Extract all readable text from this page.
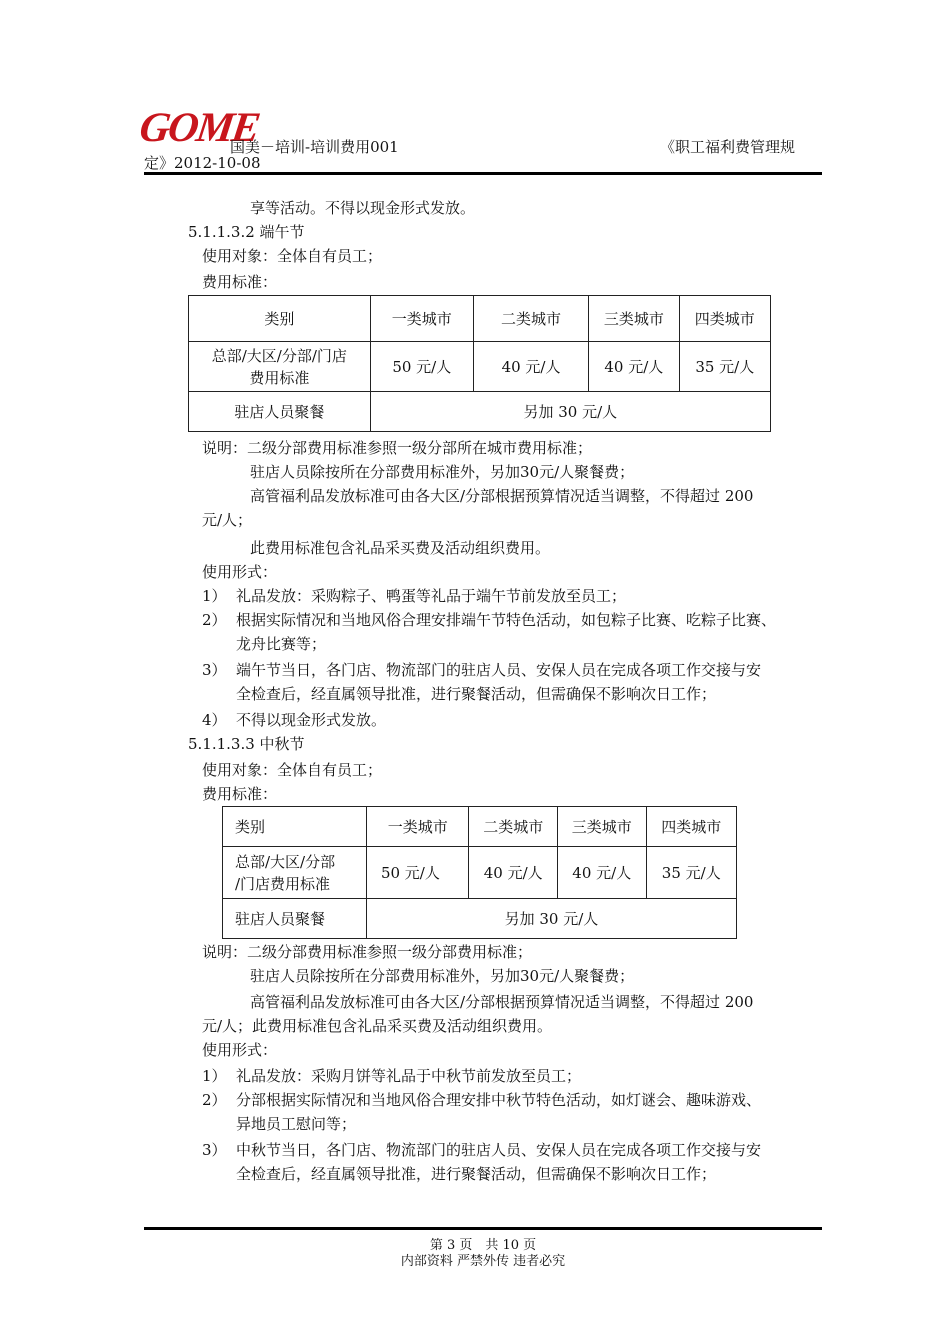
GOME
国美－培训-培训费用001	《职工福利费管理规
定》2012-10-08
享等活动。不得以现金形式发放。
5.1.1.3.2 端午节
使用对象：全体自有员工；
费用标准：
类别	一类城市	二类城市	三类城市	四类城市

总部/大区/分部/门店
费用标准	50 元/人	40 元/人	40 元/人	35 元/人
驻店人员聚餐	另加 30 元/人			
说明：二级分部费用标准参照一级分部所在城市费用标准；
驻店人员除按所在分部费用标准外，另加30元/人聚餐费；
高管福利品发放标准可由各大区/分部根据预算情况适当调整，不得超过 200
元/人；
此费用标准包含礼品采买费及活动组织费用。
使用形式：
1） 礼品发放：采购粽子、鸭蛋等礼品于端午节前发放至员工；
2） 根据实际情况和当地风俗合理安排端午节特色活动，如包粽子比赛、吃粽子比赛、
龙舟比赛等；
3） 端午节当日，各门店、物流部门的驻店人员、安保人员在完成各项工作交接与安
全检查后，经直属领导批准，进行聚餐活动，但需确保不影响次日工作；
4） 不得以现金形式发放。
5.1.1.3.3 中秋节
使用对象：全体自有员工；
费用标准：
类别	一类城市	二类城市	三类城市	四类城市

总部/大区/分部
/门店费用标准	50 元/人	40 元/人	40 元/人	35 元/人
驻店人员聚餐	另加 30 元/人			
说明：二级分部费用标准参照一级分部费用标准；
驻店人员除按所在分部费用标准外，另加30元/人聚餐费；
高管福利品发放标准可由各大区/分部根据预算情况适当调整，不得超过 200
元/人；此费用标准包含礼品采买费及活动组织费用。
使用形式：
1） 礼品发放：采购月饼等礼品于中秋节前发放至员工；
2） 分部根据实际情况和当地风俗合理安排中秋节特色活动，如灯谜会、趣味游戏、
异地员工慰问等；
3） 中秋节当日，各门店、物流部门的驻店人员、安保人员在完成各项工作交接与安
全检查后，经直属领导批准，进行聚餐活动，但需确保不影响次日工作；
第 3 页　共 10 页
内部资料 严禁外传 违者必究
